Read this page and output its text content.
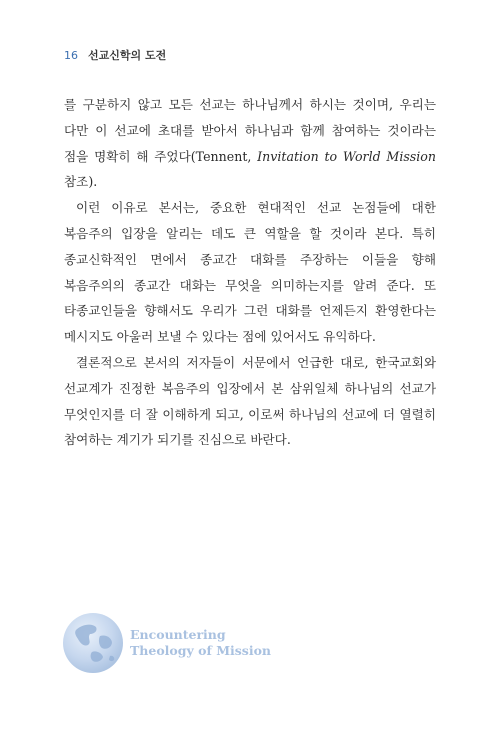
16 선교신학의 도전

를 구분하지 않고 모든 선교는 하나님께서 하시는 것이며, 우리는 다만 이 선교에 초대를 받아서 하나님과 함께 참여하는 것이라는 점을 명확히 해 주었다(Tennent, Invitation to World Mission 참조).

이런 이유로 본서는, 중요한 현대적인 선교 논점들에 대한 복음주의 입장을 알리는 데도 큰 역할을 할 것이라 본다. 특히 종교신학적인 면에서 종교간 대화를 주장하는 이들을 향해 복음주의의 종교간 대화는 무엇을 의미하는지를 알려 준다. 또 타종교인들을 향해서도 우리가 그런 대화를 언제든지 환영한다는 메시지도 아울러 보낼 수 있다는 점에 있어서도 유익하다.

결론적으로 본서의 저자들이 서문에서 언급한 대로, 한국교회와 선교계가 진정한 복음주의 입장에서 본 삼위일체 하나님의 선교가 무엇인지를 더 잘 이해하게 되고, 이로써 하나님의 선교에 더 열렬히 참여하는 계기가 되기를 진심으로 바란다.

Encountering
Theology of Mission
